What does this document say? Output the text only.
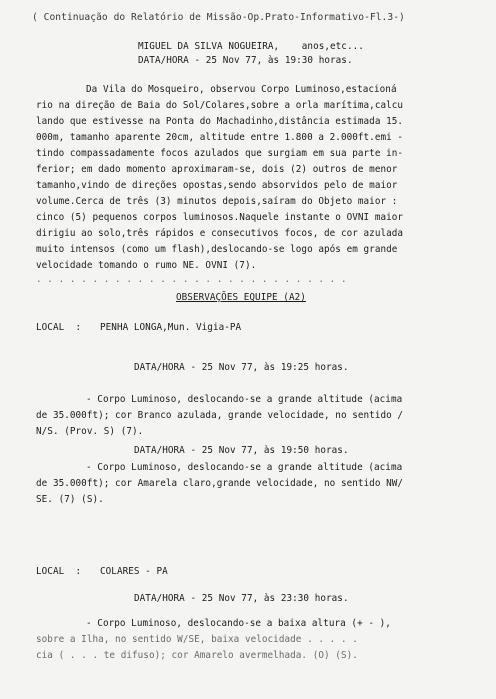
( Continuação do Relatório de Missão-Op.Prato-Informativo-Fl.3-)
MIGUEL DA SILVA NOGUEIRA,    anos,etc...
DATA/HORA - 25 Nov 77, às 19:30 horas.
Da Vila do Mosqueiro, observou Corpo Luminoso,estacioná
rio na direção de Baia do Sol/Colares,sobre a orla marítima,calcu
lando que estivesse na Ponta do Machadinho,distância estimada 15.
000m, tamanho aparente 20cm, altitude entre 1.800 a 2.000ft.emi -
tindo compassadamente focos azulados que surgiam em sua parte in-
ferior; em dado momento aproximaram-se, dois (2) outros de menor
tamanho,vindo de direções opostas,sendo absorvidos pelo de maior
volume.Cerca de três (3) minutos depois,saíram do Objeto maior :
cinco (5) pequenos corpos luminosos.Naquele instante o OVNI maior
dirigiu ao solo,três rápidos e consecutivos focos, de cor azulada
muito intensos (como um flash),deslocando-se logo após em grande
velocidade tomando o rumo NE. OVNI (7).
. . . . . . . . . . . . . . . . . . . . . . . . . . . .
OBSERVAÇÕES EQUIPE (A2)
LOCAL  : PENHA LONGA,Mun. Vigia-PA
DATA/HORA - 25 Nov 77, às 19:25 horas.
- Corpo Luminoso, deslocando-se a grande altitude (acima
de 35.000ft); cor Branco azulada, grande velocidade, no sentido /
N/S. (Prov. S) (7).
DATA/HORA - 25 Nov 77, às 19:50 horas.
- Corpo Luminoso, deslocando-se a grande altitude (acima
de 35.000ft); cor Amarela claro,grande velocidade, no sentido NW/
SE. (7) (S).
LOCAL  : COLARES - PA
DATA/HORA - 25 Nov 77, às 23:30 horas.
- Corpo Luminoso, deslocando-se a baixa altura (+ - ),
sobre a Ilha, no sentido W/SE, baixa velocidade . . . . .
cia ( . . . te difuso); cor Amarelo avermelhada. (O) (S).
